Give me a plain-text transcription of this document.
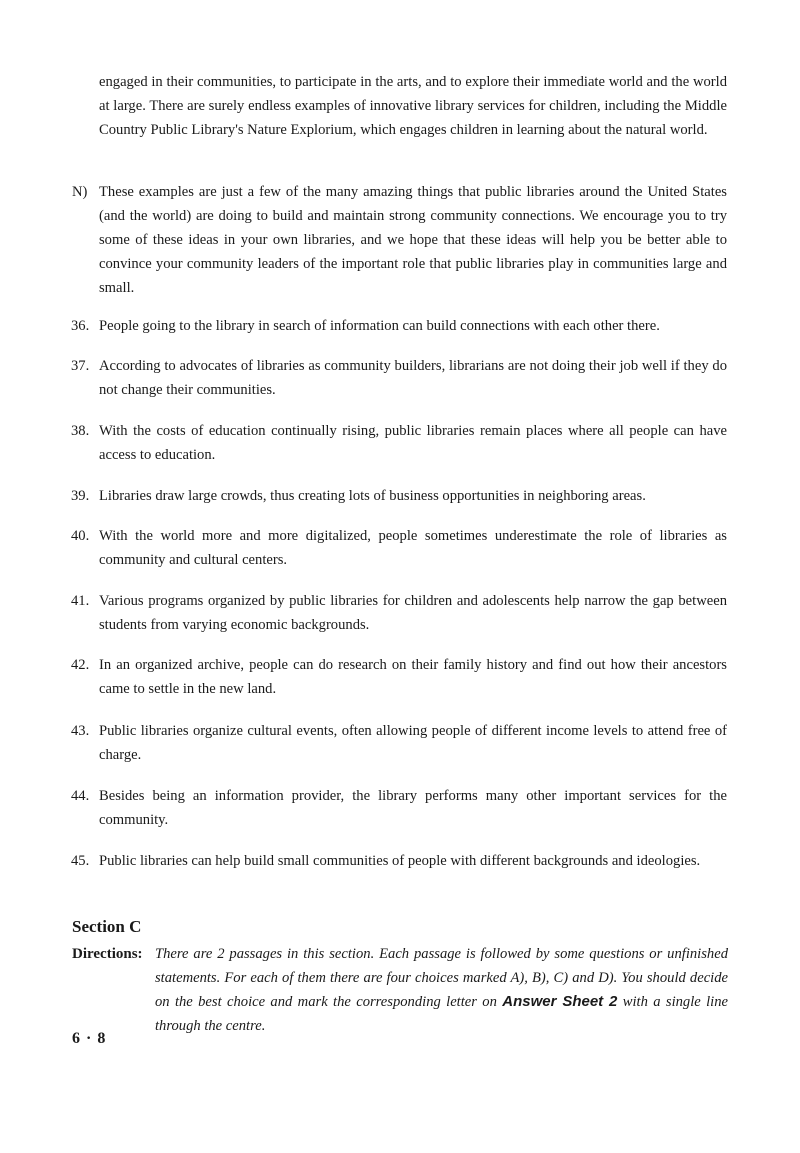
engaged in their communities, to participate in the arts, and to explore their immediate world and the world at large. There are surely endless examples of innovative library services for children, including the Middle Country Public Library's Nature Explorium, which engages children in learning about the natural world.
N) These examples are just a few of the many amazing things that public libraries around the United States (and the world) are doing to build and maintain strong community connections. We encourage you to try some of these ideas in your own libraries, and we hope that these ideas will help you be better able to convince your community leaders of the important role that public libraries play in communities large and small.
36. People going to the library in search of information can build connections with each other there.
37. According to advocates of libraries as community builders, librarians are not doing their job well if they do not change their communities.
38. With the costs of education continually rising, public libraries remain places where all people can have access to education.
39. Libraries draw large crowds, thus creating lots of business opportunities in neighboring areas.
40. With the world more and more digitalized, people sometimes underestimate the role of libraries as community and cultural centers.
41. Various programs organized by public libraries for children and adolescents help narrow the gap between students from varying economic backgrounds.
42. In an organized archive, people can do research on their family history and find out how their ancestors came to settle in the new land.
43. Public libraries organize cultural events, often allowing people of different income levels to attend free of charge.
44. Besides being an information provider, the library performs many other important services for the community.
45. Public libraries can help build small communities of people with different backgrounds and ideologies.
Section C
Directions: There are 2 passages in this section. Each passage is followed by some questions or unfinished statements. For each of them there are four choices marked A), B), C) and D). You should decide on the best choice and mark the corresponding letter on Answer Sheet 2 with a single line through the centre.
6 · 8
